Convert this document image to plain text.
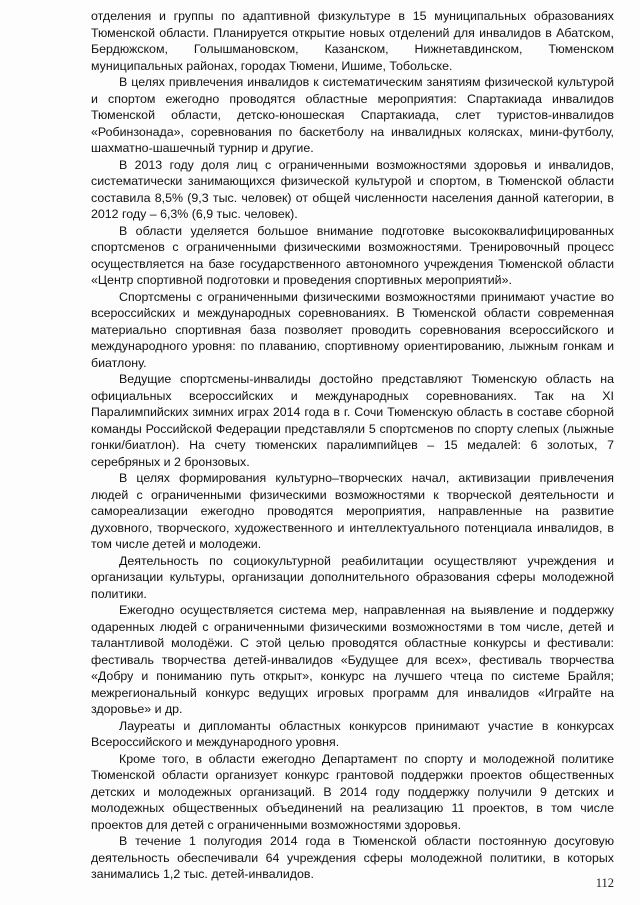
отделения и группы по адаптивной физкультуре в 15 муниципальных образованиях Тюменской области. Планируется открытие новых отделений для инвалидов в Абатском, Бердюжском, Голышмановском, Казанском, Нижнетавдинском, Тюменском муниципальных районах, городах Тюмени, Ишиме, Тобольске.

В целях привлечения инвалидов к систематическим занятиям физической культурой и спортом ежегодно проводятся областные мероприятия: Спартакиада инвалидов Тюменской области, детско-юношеская Спартакиада, слет туристов-инвалидов «Робинзонада», соревнования по баскетболу на инвалидных колясках, мини-футболу, шахматно-шашечный турнир и другие.

В 2013 году доля лиц с ограниченными возможностями здоровья и инвалидов, систематически занимающихся физической культурой и спортом, в Тюменской области составила 8,5% (9,3 тыс. человек) от общей численности населения данной категории, в 2012 году – 6,3% (6,9 тыс. человек).

В области уделяется большое внимание подготовке высококвалифицированных спортсменов с ограниченными физическими возможностями. Тренировочный процесс осуществляется на базе государственного автономного учреждения Тюменской области «Центр спортивной подготовки и проведения спортивных мероприятий».

Спортсмены с ограниченными физическими возможностями принимают участие во всероссийских и международных соревнованиях. В Тюменской области современная материально спортивная база позволяет проводить соревнования всероссийского и международного уровня: по плаванию, спортивному ориентированию, лыжным гонкам и биатлону.

Ведущие спортсмены-инвалиды достойно представляют Тюменскую область на официальных всероссийских и международных соревнованиях. Так на XI Паралимпийских зимних играх 2014 года в г. Сочи Тюменскую область в составе сборной команды Российской Федерации представляли 5 спортсменов по спорту слепых (лыжные гонки/биатлон). На счету тюменских паралимпийцев – 15 медалей: 6 золотых, 7 серебряных и 2 бронзовых.

В целях формирования культурно–творческих начал, активизации привлечения людей с ограниченными физическими возможностями к творческой деятельности и самореализации ежегодно проводятся мероприятия, направленные на развитие духовного, творческого, художественного и интеллектуального потенциала инвалидов, в том числе детей и молодежи.

Деятельность по социокультурной реабилитации осуществляют учреждения и организации культуры, организации дополнительного образования сферы молодежной политики.

Ежегодно осуществляется система мер, направленная на выявление и поддержку одаренных людей с ограниченными физическими возможностями в том числе, детей и талантливой молодёжи. С этой целью проводятся областные конкурсы и фестивали: фестиваль творчества детей-инвалидов «Будущее для всех», фестиваль творчества «Добру и пониманию путь открыт», конкурс на лучшего чтеца по системе Брайля; межрегиональный конкурс ведущих игровых программ для инвалидов «Играйте на здоровье» и др.

Лауреаты и дипломанты областных конкурсов принимают участие в конкурсах Всероссийского и международного уровня.

Кроме того, в области ежегодно Департамент по спорту и молодежной политике Тюменской области организует конкурс грантовой поддержки проектов общественных детских и молодежных организаций. В 2014 году поддержку получили 9 детских и молодежных общественных объединений на реализацию 11 проектов, в том числе проектов для детей с ограниченными возможностями здоровья.

В течение 1 полугодия 2014 года в Тюменской области постоянную досуговую деятельность обеспечивали 64 учреждения сферы молодежной политики, в которых занимались 1,2 тыс. детей-инвалидов.

112
